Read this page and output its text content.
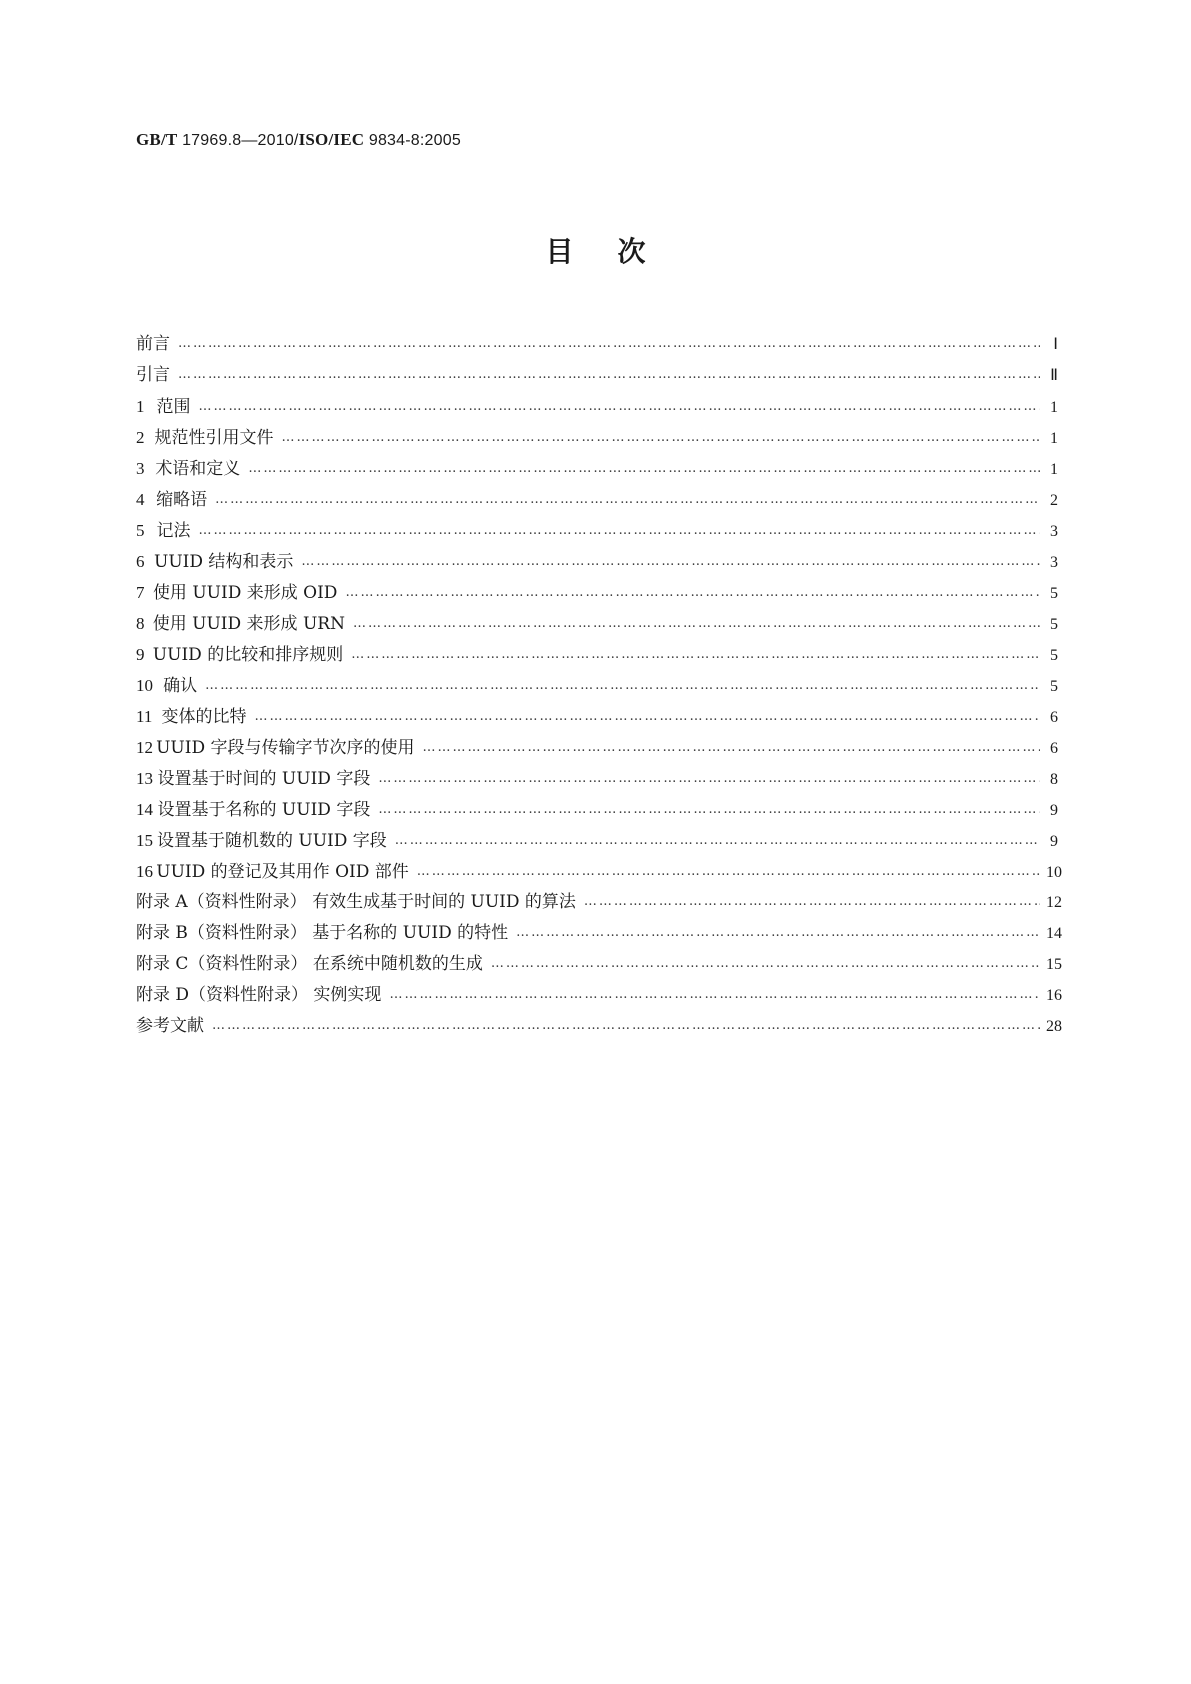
GB/T 17969.8—2010/ISO/IEC 9834-8:2005
目次
前言 …………………………………………………………………………………………………………………………………………………………………………………………………………………………	Ⅰ
引言 …………………………………………………………………………………………………………………………………………………………………………………………………………………………	Ⅱ
1 范围 …………………………………………………………………………………………………………………………………………………………………………………………………………………………	1
2 规范性引用文件 …………………………………………………………………………………………………………………………………………………………………………………………………………………………	1
3 术语和定义 …………………………………………………………………………………………………………………………………………………………………………………………………………………………	1
4 缩略语 …………………………………………………………………………………………………………………………………………………………………………………………………………………………	2
5 记法 …………………………………………………………………………………………………………………………………………………………………………………………………………………………	3
6 UUID 结构和表示 …………………………………………………………………………………………………………………………………………………………………………………………………………………………	3
7 使用 UUID 来形成 OID …………………………………………………………………………………………………………………………………………………………………………………………………………………………	5
8 使用 UUID 来形成 URN …………………………………………………………………………………………………………………………………………………………………………………………………………………………	5
9 UUID 的比较和排序规则 …………………………………………………………………………………………………………………………………………………………………………………………………………………………	5
10 确认 …………………………………………………………………………………………………………………………………………………………………………………………………………………………	5
11 变体的比特 …………………………………………………………………………………………………………………………………………………………………………………………………………………………	6
12 UUID 字段与传输字节次序的使用 …………………………………………………………………………………………………………………………………………………………………………………………………………………………	6
13 设置基于时间的 UUID 字段 …………………………………………………………………………………………………………………………………………………………………………………………………………………………	8
14 设置基于名称的 UUID 字段 …………………………………………………………………………………………………………………………………………………………………………………………………………………………	9
15 设置基于随机数的 UUID 字段 …………………………………………………………………………………………………………………………………………………………………………………………………………………………	9
16 UUID 的登记及其用作 OID 部件 …………………………………………………………………………………………………………………………………………………………………………………………………………………………	10
附录 A（资料性附录） 有效生成基于时间的 UUID 的算法 …………………………………………………………………………………………………………………………………………………………………………………………………………………………	12
附录 B（资料性附录） 基于名称的 UUID 的特性 …………………………………………………………………………………………………………………………………………………………………………………………………………………………	14
附录 C（资料性附录） 在系统中随机数的生成 …………………………………………………………………………………………………………………………………………………………………………………………………………………………	15
附录 D（资料性附录） 实例实现 …………………………………………………………………………………………………………………………………………………………………………………………………………………………	16
参考文献 …………………………………………………………………………………………………………………………………………………………………………………………………………………………	28
